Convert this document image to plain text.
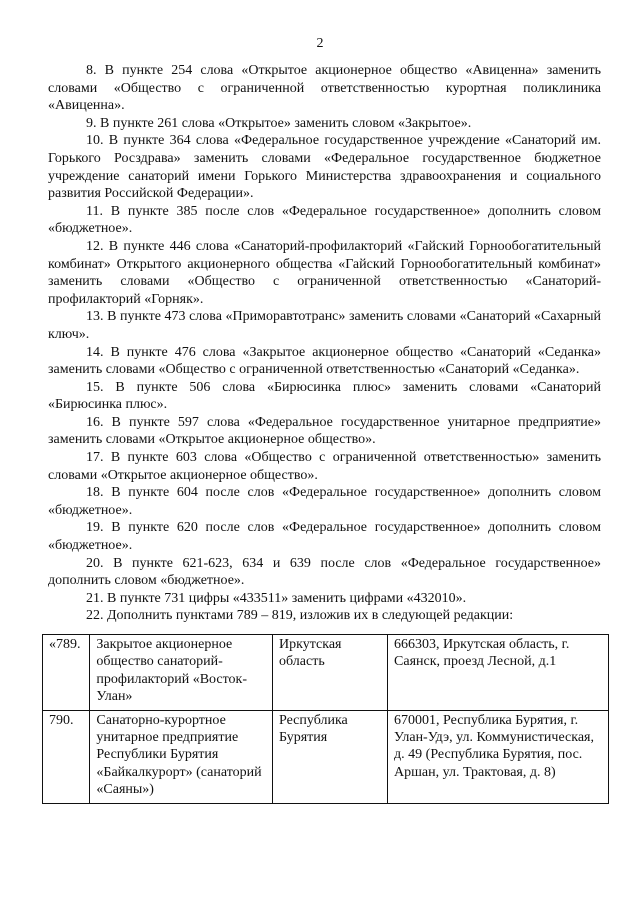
2

8. В пункте 254 слова «Открытое акционерное общество «Авиценна» заменить словами «Общество с ограниченной ответственностью курортная поликлиника «Авиценна».

9. В пункте 261 слова «Открытое» заменить словом «Закрытое».

10. В пункте 364 слова «Федеральное государственное учреждение «Санаторий им. Горького Росздрава» заменить словами «Федеральное государственное бюджетное учреждение санаторий имени Горького Министерства здравоохранения и социального развития Российской Федерации».

11. В пункте 385 после слов «Федеральное государственное» дополнить словом «бюджетное».

12. В пункте 446 слова «Санаторий-профилакторий «Гайский Горнообогатительный комбинат» Открытого акционерного общества «Гайский Горнообогатительный комбинат» заменить словами «Общество с ограниченной ответственностью «Санаторий-профилакторий «Горняк».

13. В пункте 473 слова «Приморавтотранс» заменить словами «Санаторий «Сахарный ключ».

14. В пункте 476 слова «Закрытое акционерное общество «Санаторий «Седанка» заменить словами «Общество с ограниченной ответственностью «Санаторий «Седанка».

15. В пункте 506 слова «Бирюсинка плюс» заменить словами «Санаторий «Бирюсинка плюс».

16. В пункте 597 слова «Федеральное государственное унитарное предприятие» заменить словами «Открытое акционерное общество».

17. В пункте 603 слова «Общество с ограниченной ответственностью» заменить словами «Открытое акционерное общество».

18. В пункте 604 после слов «Федеральное государственное» дополнить словом «бюджетное».

19. В пункте 620 после слов «Федеральное государственное» дополнить словом «бюджетное».

20. В пункте 621-623, 634 и 639 после слов «Федеральное государственное» дополнить словом «бюджетное».

21. В пункте 731 цифры «433511» заменить цифрами «432010».

22. Дополнить пунктами 789 – 819, изложив их в следующей редакции:

«789.	Закрытое акционерное общество санаторий-профилакторий «Восток-Улан»	Иркутская область	666303, Иркутская область, г. Саянск, проезд Лесной, д.1
790.	Санаторно-курортное унитарное предприятие Республики Бурятия «Байкалкурорт» (санаторий «Саяны»)	Республика Бурятия	670001, Республика Бурятия, г. Улан-Удэ, ул. Коммунистическая, д. 49 (Республика Бурятия, пос. Аршан, ул. Трактовая, д. 8)
